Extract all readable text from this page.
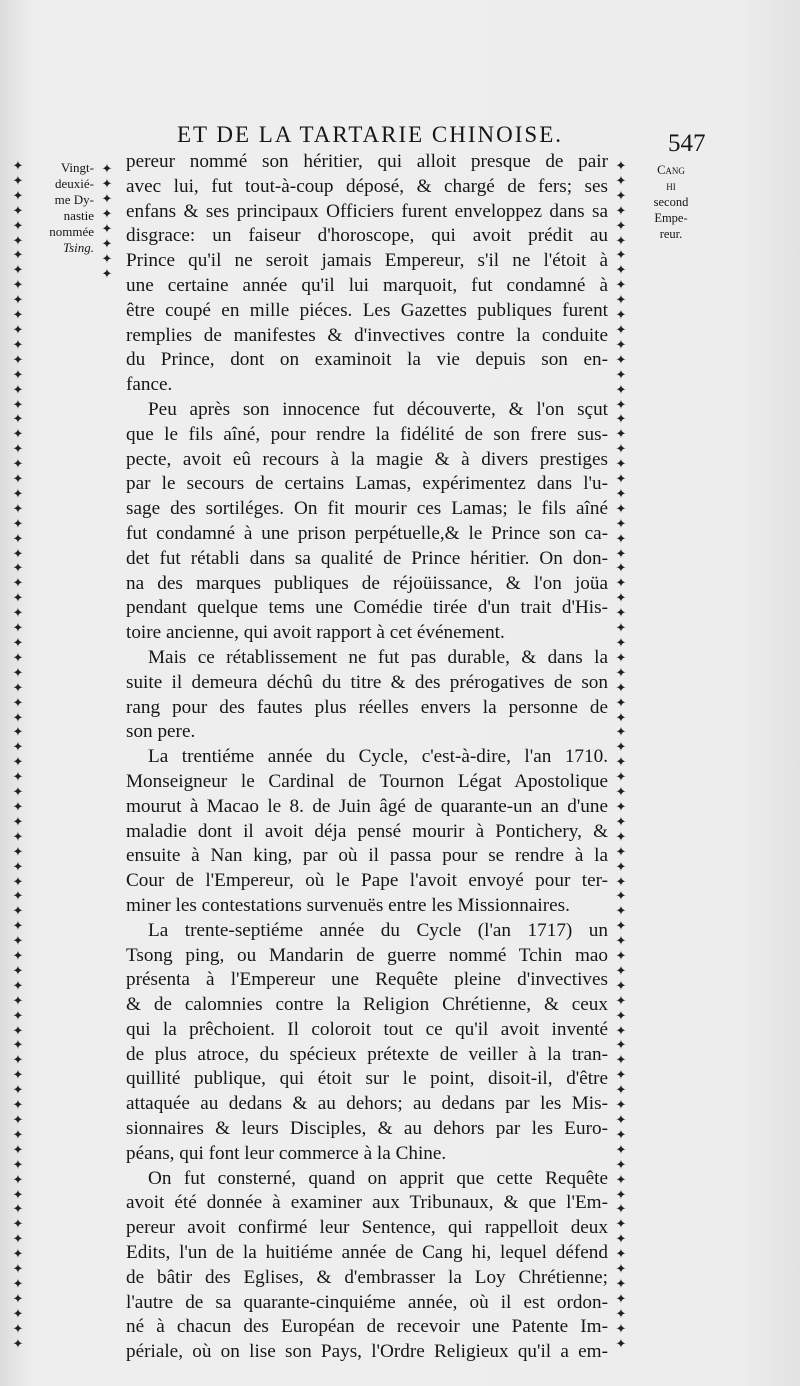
ET DE LA TARTARIE CHINOISE.	547
✦
✦
✦
✦
✦
✦
✦
✦
✦
✦
✦
✦
✦
✦
✦
✦
✦
✦
✦
✦
✦
✦
✦
✦
✦
✦
✦
✦
✦
✦
✦
✦
✦
✦
✦
✦
✦
✦
✦
✦
✦
✦
✦
✦
✦
✦
✦
✦
✦
✦
✦
✦
✦
✦
✦
✦
✦
✦
✦
✦
✦
✦
✦
✦
✦
✦
✦
✦
✦
✦
✦
✦
✦
✦
✦
✦
✦
✦
✦
✦
✦
✦
✦
✦
✦
✦
✦
✦
✦
✦
✦
✦
✦
✦
✦
✦
✦
✦
✦
✦
✦
✦
✦
✦
✦
✦
✦
✦
✦
✦
✦
✦
✦
✦
✦
✦
✦
✦
✦
✦
✦
✦
✦
✦
✦
✦
✦
✦
✦
✦
✦
✦
✦
✦
✦
✦
✦
✦
✦
✦
✦
✦
✦
✦
✦
✦
✦
✦
✦
✦
✦
✦
✦
✦
✦
✦
✦
✦
✦
✦
Vingt-
deuxié-
me Dy-
nastie
nommée
Tsing.
✦
✦
✦
✦
✦
✦
✦
✦
Cang
hi
second
Empe-
reur.
pereur nommé son héritier, qui alloit presque de pair
avec lui, fut tout-à-coup déposé, & chargé de fers; ses
enfans & ses principaux Officiers furent enveloppez dans sa
disgrace: un faiseur d'horoscope, qui avoit prédit au
Prince qu'il ne seroit jamais Empereur, s'il ne l'étoit à
une certaine année qu'il lui marquoit, fut condamné à
être coupé en mille piéces. Les Gazettes publiques furent
remplies de manifestes & d'invectives contre la conduite
du Prince, dont on examinoit la vie depuis son en-
fance.
Peu après son innocence fut découverte, & l'on sçut
que le fils aîné, pour rendre la fidélité de son frere sus-
pecte, avoit eû recours à la magie & à divers prestiges
par le secours de certains Lamas, expérimentez dans l'u-
sage des sortiléges. On fit mourir ces Lamas; le fils aîné
fut condamné à une prison perpétuelle,& le Prince son ca-
det fut rétabli dans sa qualité de Prince héritier. On don-
na des marques publiques de réjoüissance, & l'on joüa
pendant quelque tems une Comédie tirée d'un trait d'His-
toire ancienne, qui avoit rapport à cet événement.
Mais ce rétablissement ne fut pas durable, & dans la
suite il demeura déchû du titre & des prérogatives de son
rang pour des fautes plus réelles envers la personne de
son pere.
La trentiéme année du Cycle, c'est-à-dire, l'an 1710.
Monseigneur le Cardinal de Tournon Légat Apostolique
mourut à Macao le 8. de Juin âgé de quarante-un an d'une
maladie dont il avoit déja pensé mourir à Pontichery, &
ensuite à Nan king, par où il passa pour se rendre à la
Cour de l'Empereur, où le Pape l'avoit envoyé pour ter-
miner les contestations survenuës entre les Missionnaires.
La trente-septiéme année du Cycle (l'an 1717) un
Tsong ping, ou Mandarin de guerre nommé Tchin mao
présenta à l'Empereur une Requête pleine d'invectives
& de calomnies contre la Religion Chrétienne, & ceux
qui la prêchoient. Il coloroit tout ce qu'il avoit inventé
de plus atroce, du spécieux prétexte de veiller à la tran-
quillité publique, qui étoit sur le point, disoit-il, d'être
attaquée au dedans & au dehors; au dedans par les Mis-
sionnaires & leurs Disciples, & au dehors par les Euro-
péans, qui font leur commerce à la Chine.
On fut consterné, quand on apprit que cette Requête
avoit été donnée à examiner aux Tribunaux, & que l'Em-
pereur avoit confirmé leur Sentence, qui rappelloit deux
Edits, l'un de la huitiéme année de Cang hi, lequel défend
de bâtir des Eglises, & d'embrasser la Loy Chrétienne;
l'autre de sa quarante-cinquiéme année, où il est ordon-
né à chacun des Européan de recevoir une Patente Im-
périale, où on lise son Pays, l'Ordre Religieux qu'il a em-
